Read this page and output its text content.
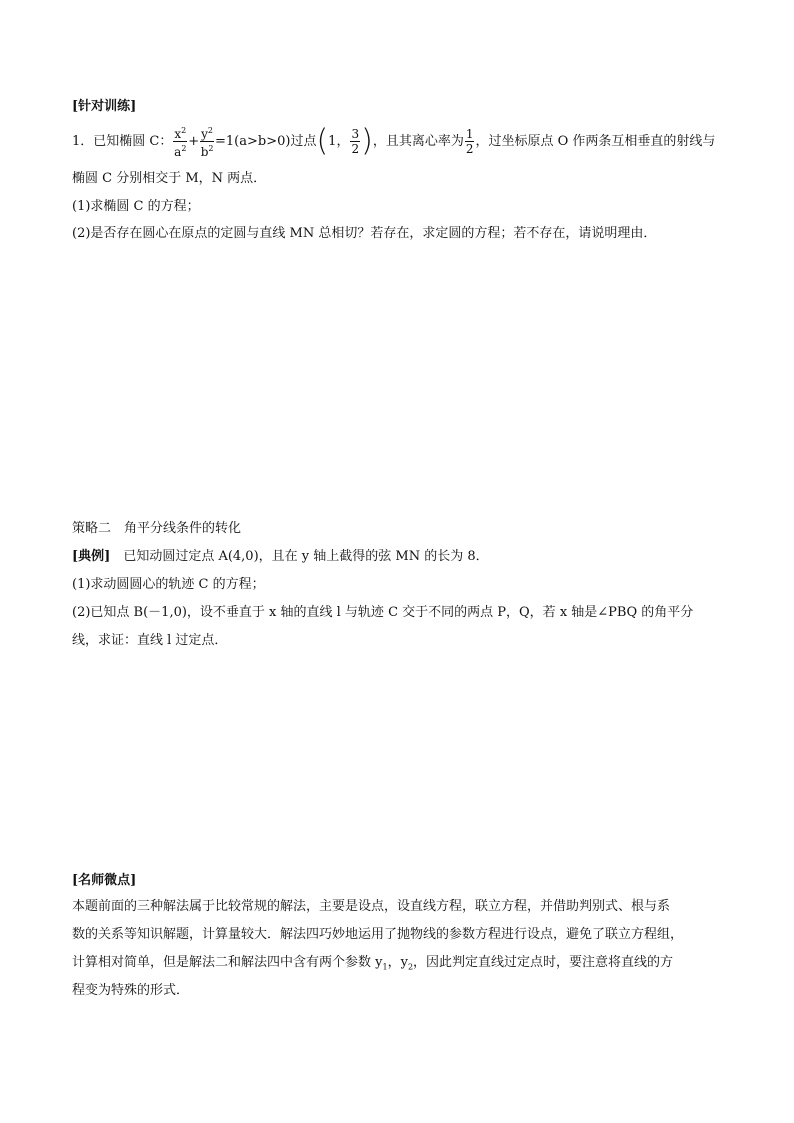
[针对训练]
1．已知椭圆 C： $\frac{x^2}{a^2} + \frac{y^2}{b^2} =1(a>b>0)$过点(1， $\frac{3}{2}$ )，且其离心率为 $\frac{1}{2}$ ，过坐标原点 O 作两条互相垂直的射线与
椭圆 C 分别相交于 M，N 两点．
(1)求椭圆 C 的方程；
(2)是否存在圆心在原点的定圆与直线 MN 总相切？若存在，求定圆的方程；若不存在，请说明理由．
策略二　角平分线条件的转化
[典例]　已知动圆过定点 A(4,0)，且在 y 轴上截得的弦 MN 的长为 8．
(1)求动圆圆心的轨迹 C 的方程；
(2)已知点 B(－1,0)，设不垂直于 x 轴的直线 l 与轨迹 C 交于不同的两点 P，Q，若 x 轴是∠PBQ 的角平分
线，求证：直线 l 过定点．
[名师微点]
本题前面的三种解法属于比较常规的解法，主要是设点，设直线方程，联立方程，并借助判别式、根与系
数的关系等知识解题，计算量较大．解法四巧妙地运用了抛物线的参数方程进行设点，避免了联立方程组，
计算相对简单，但是解法二和解法四中含有两个参数 $y_1$，$y_2$，因此判定直线过定点时，要注意将直线的方
程变为特殊的形式．
